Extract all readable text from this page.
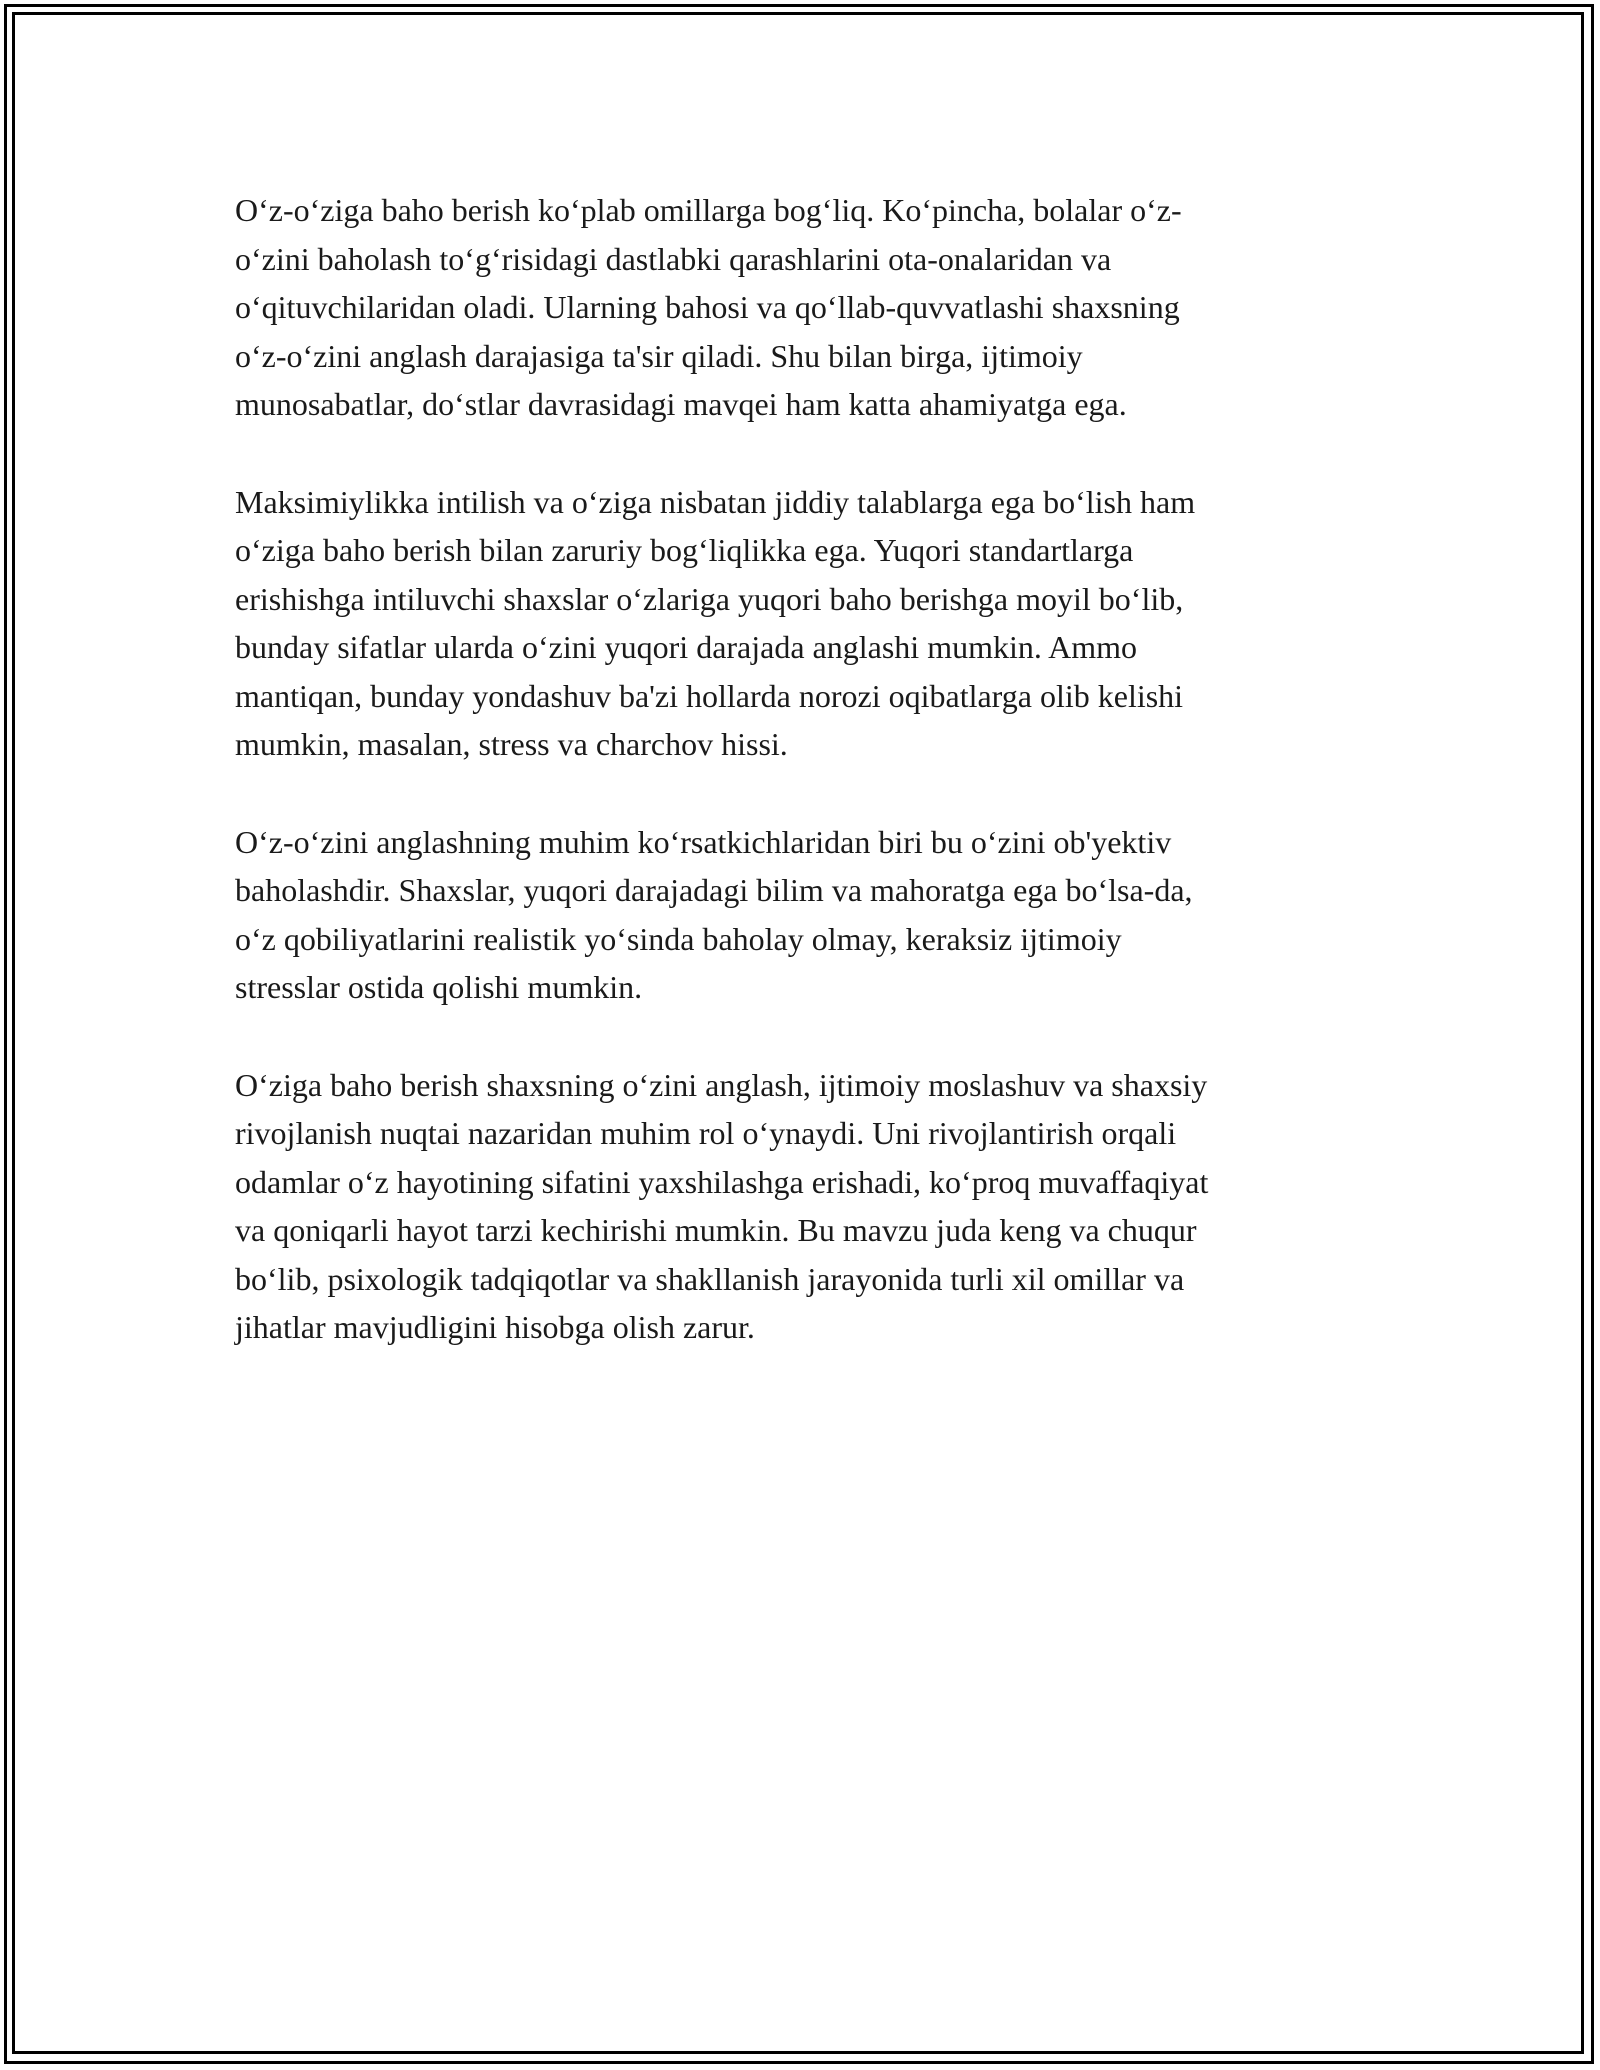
O‘z-o‘ziga baho berish ko‘plab omillarga bog‘liq. Ko‘pincha, bolalar o‘z-
o‘zini baholash to‘g‘risidagi dastlabki qarashlarini ota-onalaridan va
o‘qituvchilaridan oladi. Ularning bahosi va qo‘llab-quvvatlashi shaxsning
o‘z-o‘zini anglash darajasiga ta'sir qiladi. Shu bilan birga, ijtimoiy
munosabatlar, do‘stlar davrasidagi mavqei ham katta ahamiyatga ega.

Maksimiylikka intilish va o‘ziga nisbatan jiddiy talablarga ega bo‘lish ham
o‘ziga baho berish bilan zaruriy bog‘liqlikka ega. Yuqori standartlarga
erishishga intiluvchi shaxslar o‘zlariga yuqori baho berishga moyil bo‘lib,
bunday sifatlar ularda o‘zini yuqori darajada anglashi mumkin. Ammo
mantiqan, bunday yondashuv ba'zi hollarda norozi oqibatlarga olib kelishi
mumkin, masalan, stress va charchov hissi.

O‘z-o‘zini anglashning muhim ko‘rsatkichlaridan biri bu o‘zini ob'yektiv
baholashdir. Shaxslar, yuqori darajadagi bilim va mahoratga ega bo‘lsa-da,
o‘z qobiliyatlarini realistik yo‘sinda baholay olmay, keraksiz ijtimoiy
stresslar ostida qolishi mumkin.

O‘ziga baho berish shaxsning o‘zini anglash, ijtimoiy moslashuv va shaxsiy
rivojlanish nuqtai nazaridan muhim rol o‘ynaydi. Uni rivojlantirish orqali
odamlar o‘z hayotining sifatini yaxshilashga erishadi, ko‘proq muvaffaqiyat
va qoniqarli hayot tarzi kechirishi mumkin. Bu mavzu juda keng va chuqur
bo‘lib, psixologik tadqiqotlar va shakllanish jarayonida turli xil omillar va
jihatlar mavjudligini hisobga olish zarur.
